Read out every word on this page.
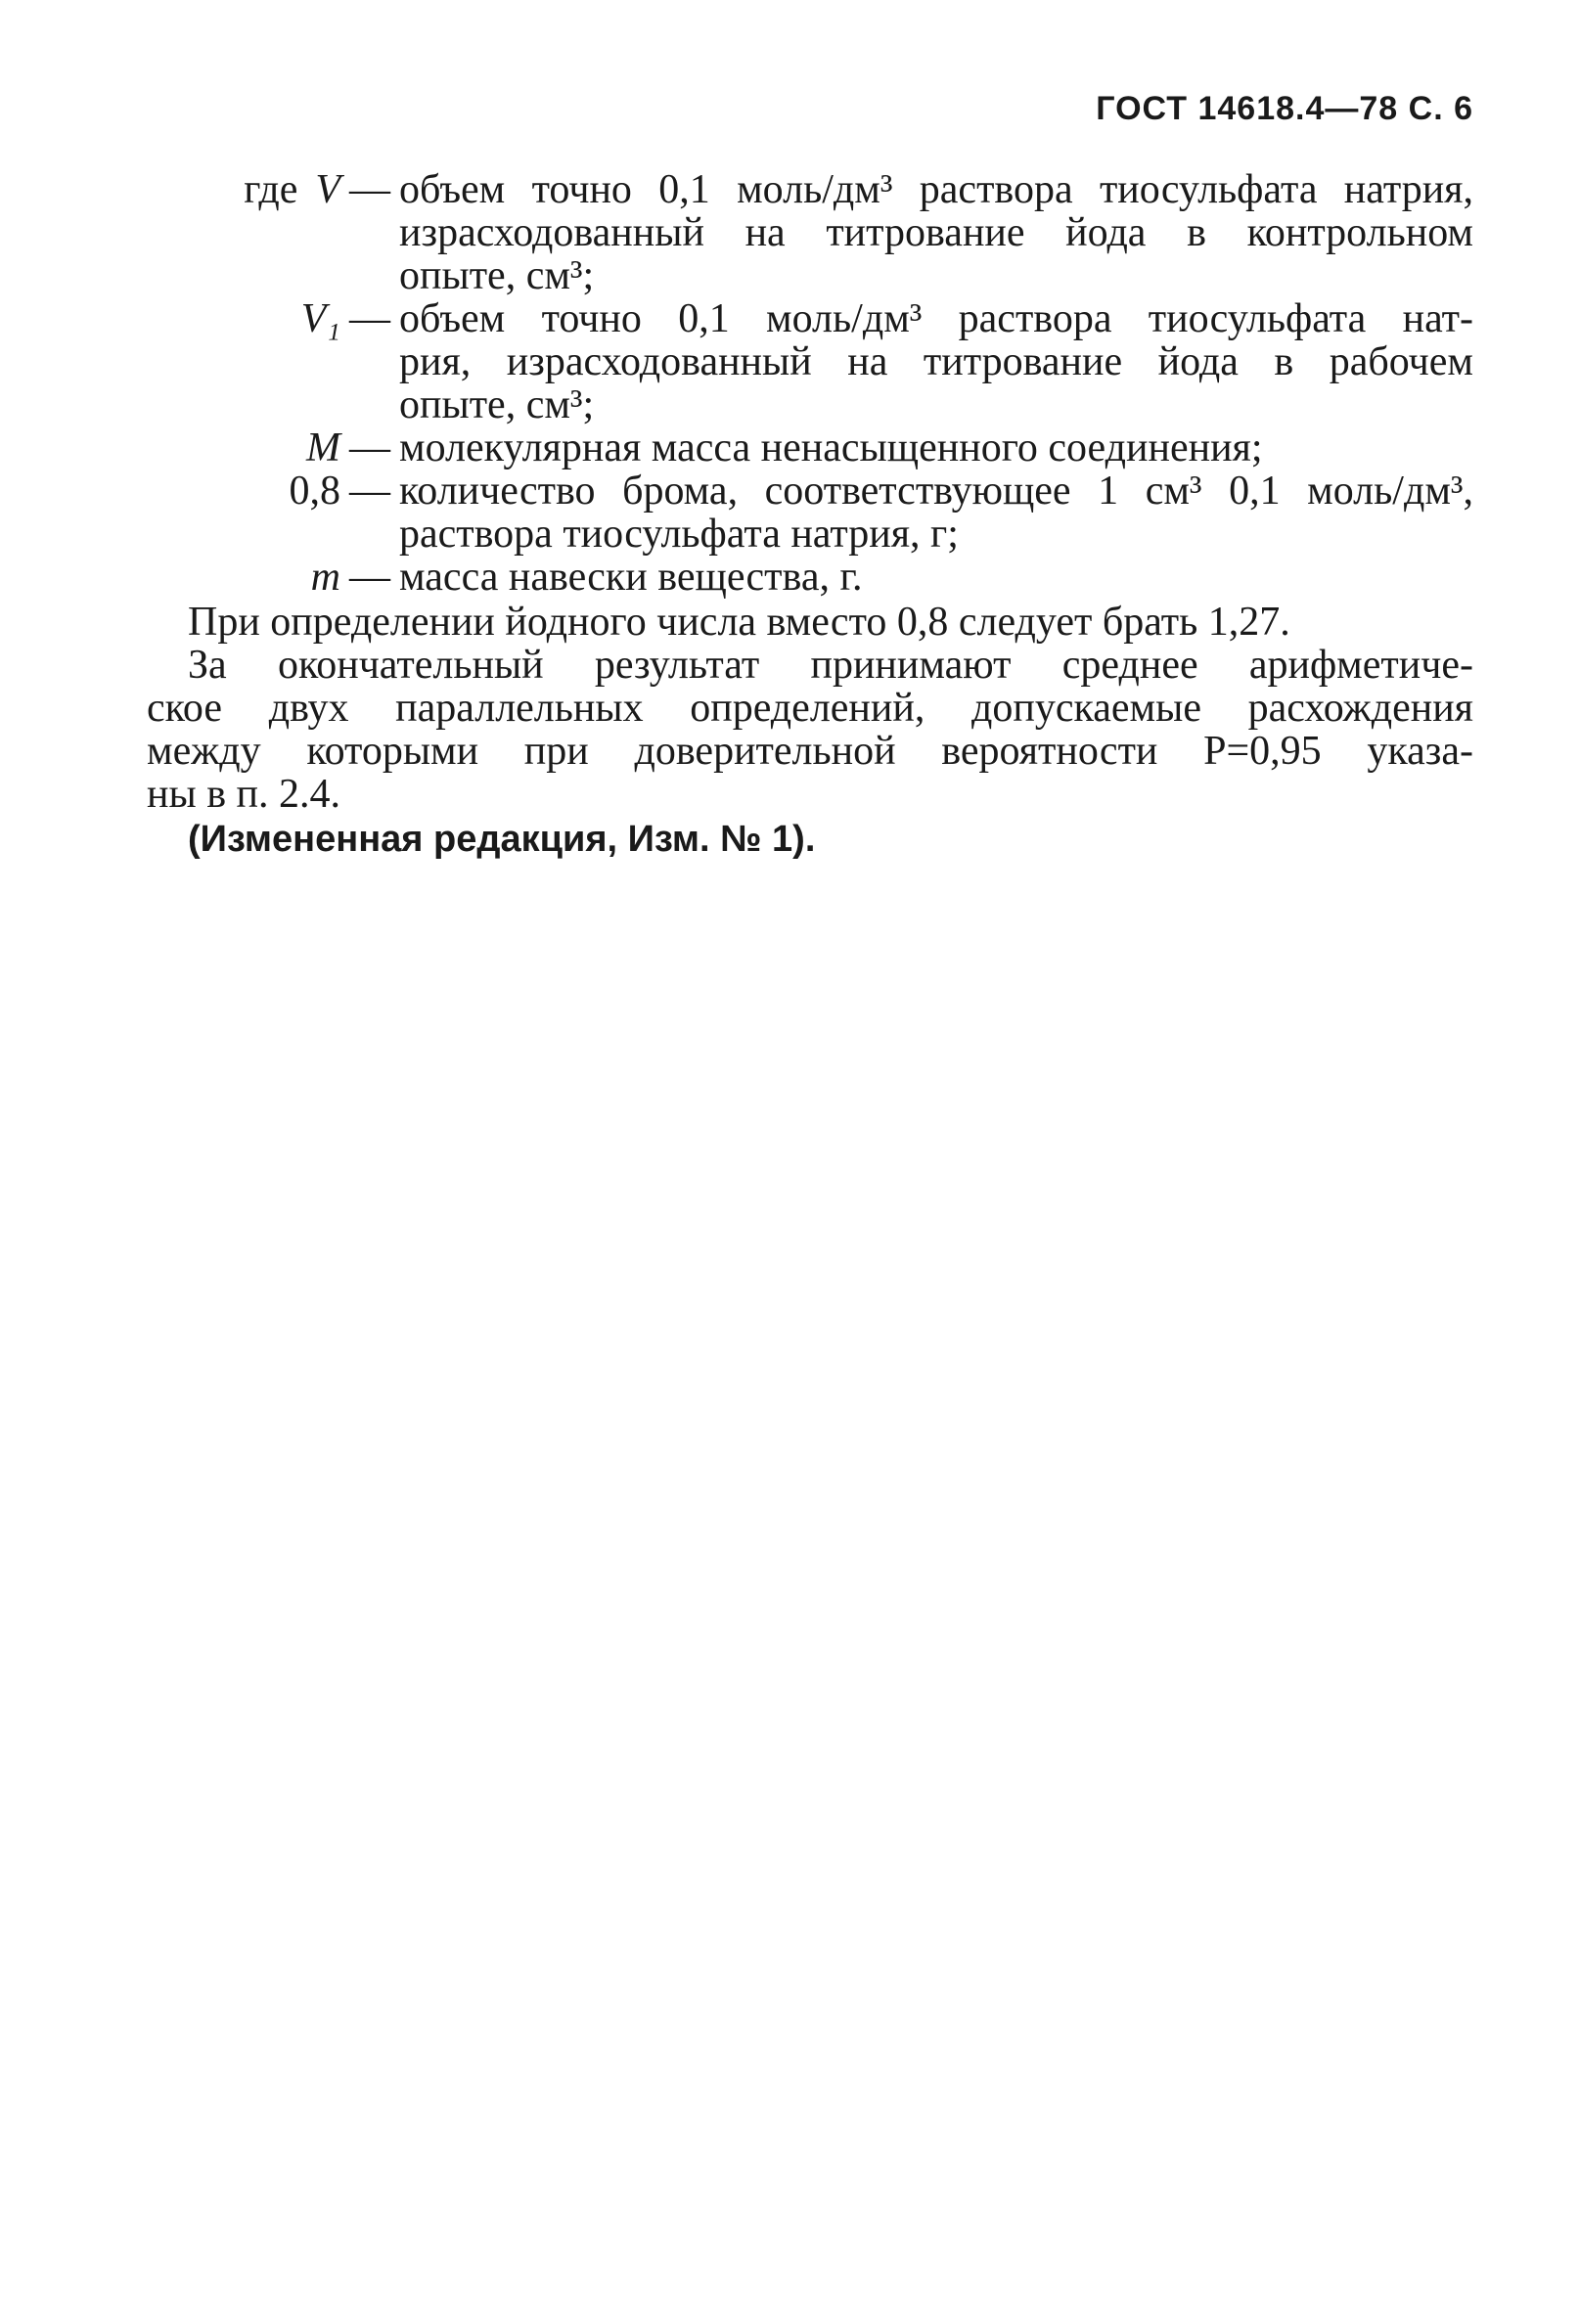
ГОСТ 14618.4—78 С. 6
где V — объем точно 0,1 моль/дм³ раствора тиосульфата натрия,
израсходованный на титрование йода в контрольном
опыте, см³;
V₁ — объем точно 0,1 моль/дм³ раствора тиосульфата нат-
рия, израсходованный на титрование йода в рабочем
опыте, см³;
M — молекулярная масса ненасыщенного соединения;
0,8 — количество брома, соответствующее 1 см³ 0,1 моль/дм³,
раствора тиосульфата натрия, г;
m — масса навески вещества, г.
При определении йодного числа вместо 0,8 следует брать 1,27.
За окончательный результат принимают среднее арифметиче-
ское двух параллельных определений, допускаемые расхождения
между которыми при доверительной вероятности Р=0,95 указа-
ны в п. 2.4.
(Измененная редакция, Изм. № 1).
